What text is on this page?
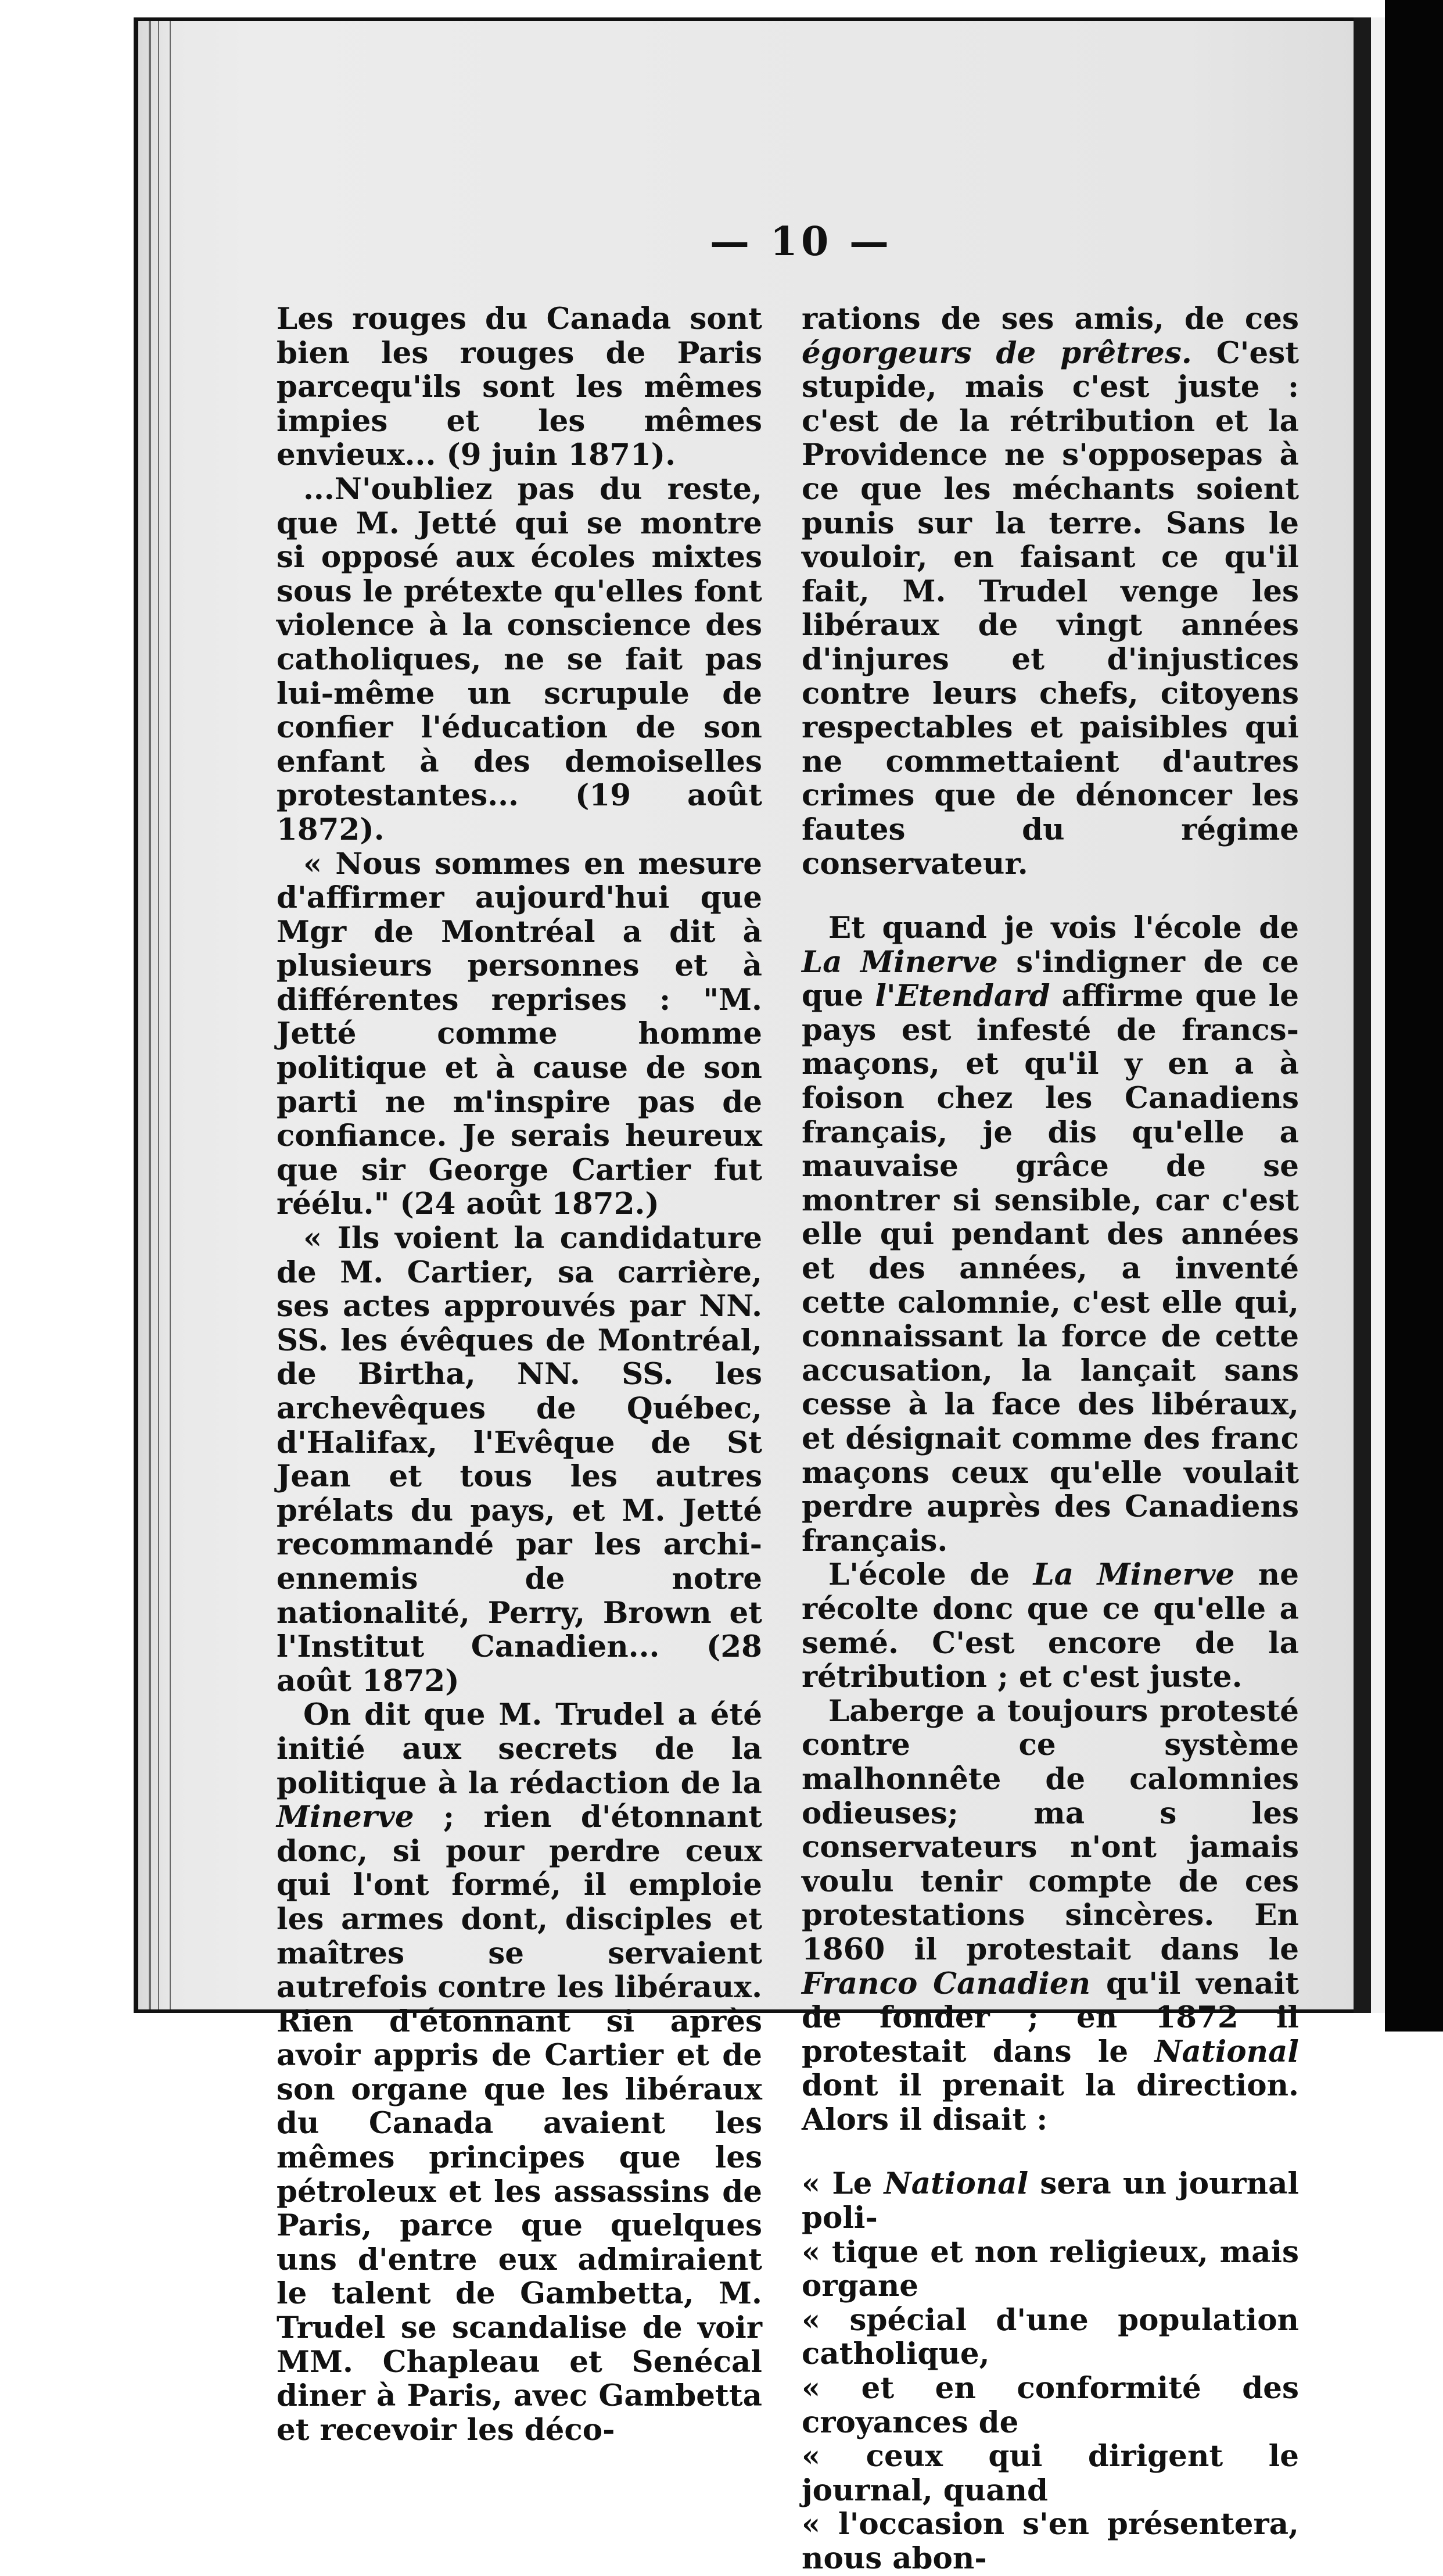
— 10 —

Les rouges du Canada sont bien les rouges de Paris parcequ'ils sont les mêmes impies et les mêmes envieux... (9 juin 1871).

...N'oubliez pas du reste, que M. Jetté qui se montre si opposé aux écoles mixtes sous le prétexte qu'elles font violence à la conscience des catholiques, ne se fait pas lui-même un scrupule de confier l'éducation de son enfant à des demoiselles protestantes... (19 août 1872).

« Nous sommes en mesure d'affirmer aujourd'hui que Mgr de Montréal a dit à plusieurs personnes et à différentes reprises : "M. Jetté comme homme politique et à cause de son parti ne m'inspire pas de confiance. Je serais heureux que sir George Cartier fut réélu." (24 août 1872.)

« Ils voient la candidature de M. Cartier, sa carrière, ses actes approuvés par NN. SS. les évêques de Montréal, de Birtha, NN. SS. les archevêques de Québec, d'Halifax, l'Evêque de St Jean et tous les autres prélats du pays, et M. Jetté recommandé par les archi-ennemis de notre nationalité, Perry, Brown et l'Institut Canadien... (28 août 1872)

On dit que M. Trudel a été initié aux secrets de la politique à la rédaction de la Minerve ; rien d'étonnant donc, si pour perdre ceux qui l'ont formé, il emploie les armes dont, disciples et maîtres se servaient autrefois contre les libéraux. Rien d'étonnant si après avoir appris de Cartier et de son organe que les libéraux du Canada avaient les mêmes principes que les pétroleux et les assassins de Paris, parce que quelques uns d'entre eux admiraient le talent de Gambetta, M. Trudel se scandalise de voir MM. Chapleau et Senécal diner à Paris, avec Gambetta et recevoir les déco-

rations de ses amis, de ces égorgeurs de prêtres. C'est stupide, mais c'est juste : c'est de la rétribution et la Providence ne s'opposepas à ce que les méchants soient punis sur la terre. Sans le vouloir, en faisant ce qu'il fait, M. Trudel venge les libéraux de vingt années d'injures et d'injustices contre leurs chefs, citoyens respectables et paisibles qui ne commettaient d'autres crimes que de dénoncer les fautes du régime conservateur.

Et quand je vois l'école de La Minerve s'indigner de ce que l'Etendard affirme que le pays est infesté de francs-maçons, et qu'il y en a à foison chez les Canadiens français, je dis qu'elle a mauvaise grâce de se montrer si sensible, car c'est elle qui pendant des années et des années, a inventé cette calomnie, c'est elle qui, connaissant la force de cette accusation, la lançait sans cesse à la face des libéraux, et désignait comme des franc maçons ceux qu'elle voulait perdre auprès des Canadiens français.

L'école de La Minerve ne récolte donc que ce qu'elle a semé. C'est encore de la rétribution ; et c'est juste.

Laberge a toujours protesté contre ce système malhonnête de calomnies odieuses; ma s les conservateurs n'ont jamais voulu tenir compte de ces protestations sincères. En 1860 il protestait dans le Franco Canadien qu'il venait de fonder ; en 1872 il protestait dans le National dont il prenait la direction. Alors il disait :

« Le National sera un journal poli-
« tique et non religieux, mais organe
« spécial d'une population catholique,
« et en conformité des croyances de
« ceux qui dirigent le journal, quand
« l'occasion s'en présentera, nous abon-
